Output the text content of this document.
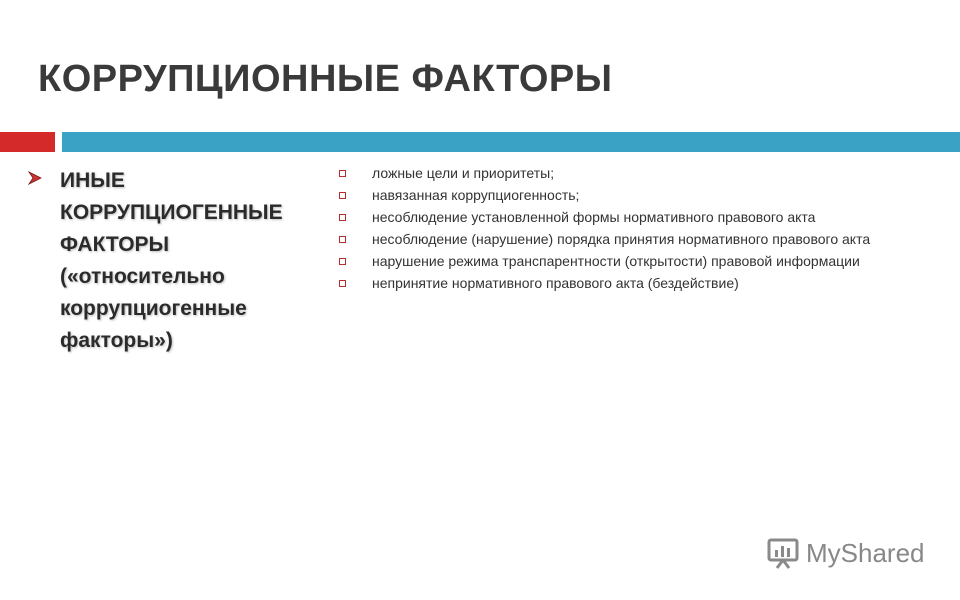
КОРРУПЦИОННЫЕ ФАКТОРЫ
ИНЫЕ
КОРРУПЦИОГЕННЫЕ
ФАКТОРЫ
(«относительно
коррупциогенные
факторы»)
ложные цели и приоритеты;
навязанная коррупциогенность;
несоблюдение установленной формы нормативного правового акта
несоблюдение (нарушение) порядка принятия нормативного правового акта
нарушение режима транспарентности (открытости) правовой информации
непринятие нормативного правового акта (бездействие)
MyShared
